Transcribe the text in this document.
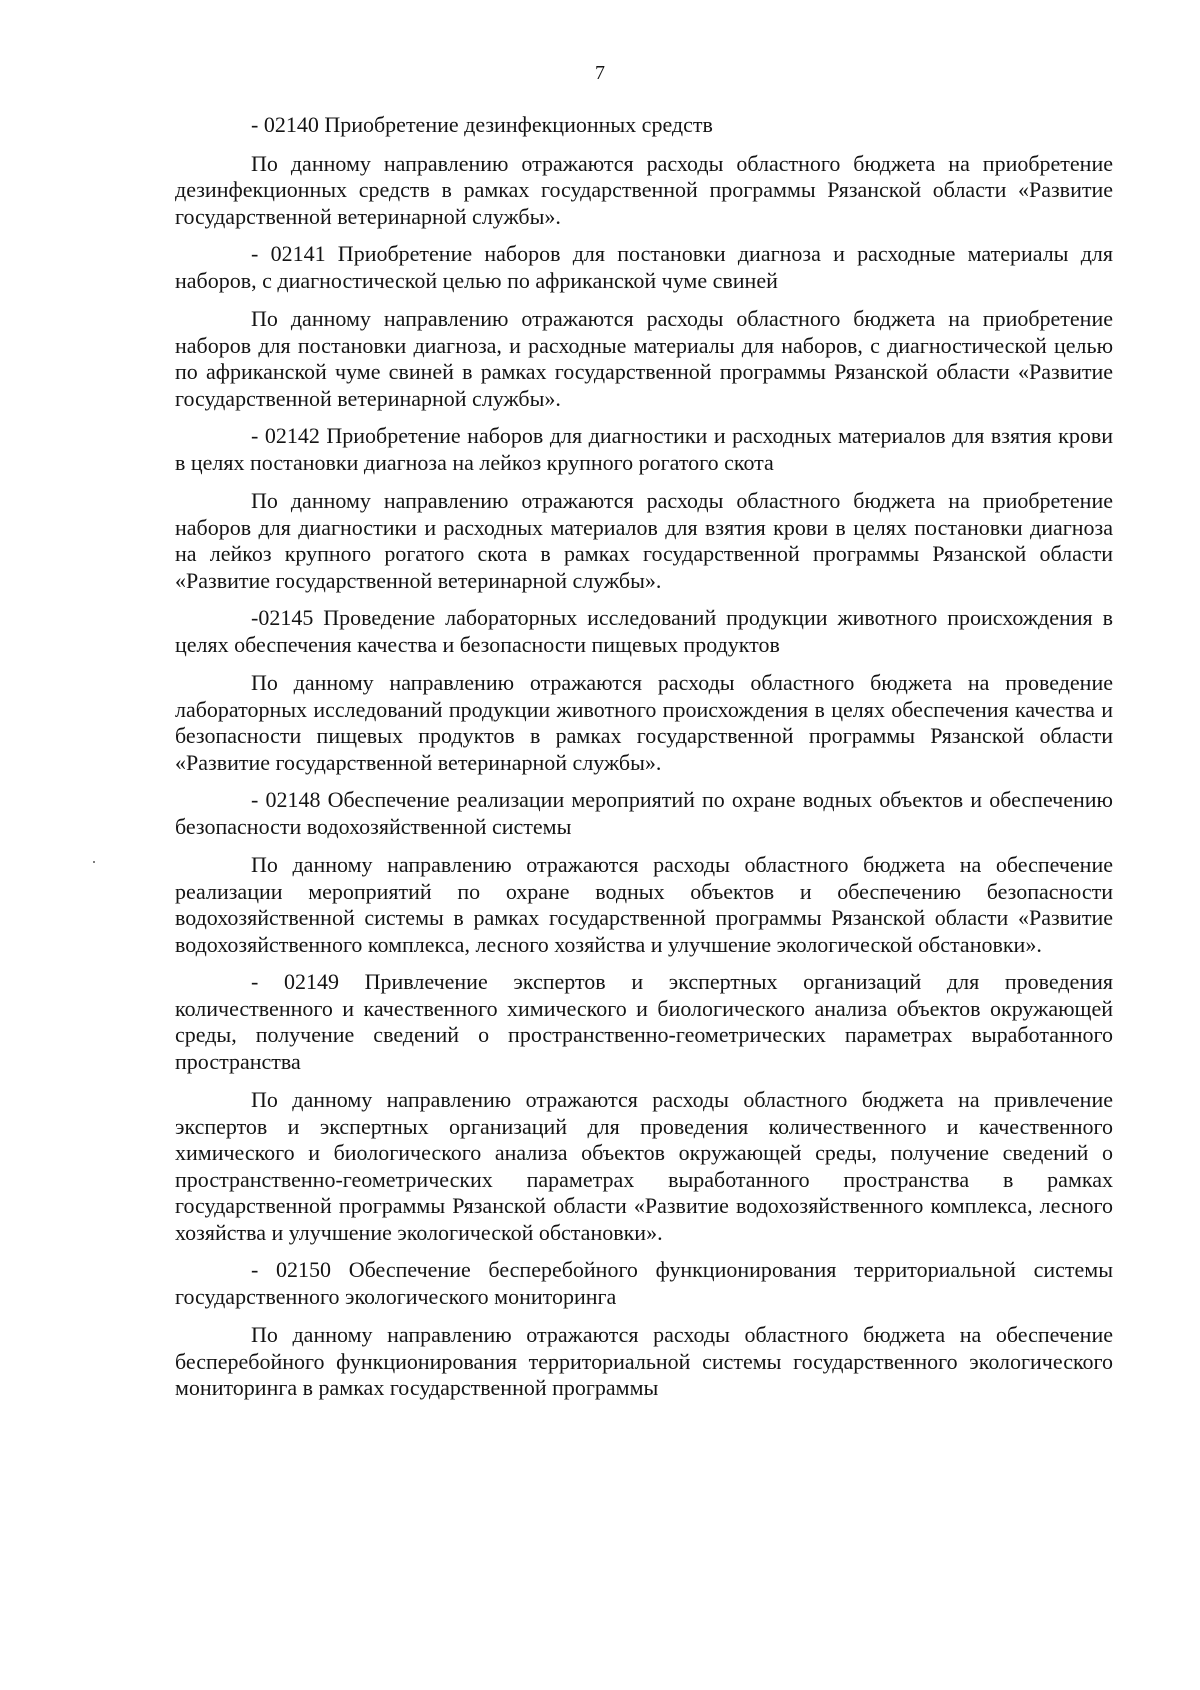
7

- 02140 Приобретение дезинфекционных средств

По данному направлению отражаются расходы областного бюджета на приобретение дезинфекционных средств в рамках государственной программы Рязанской области «Развитие государственной ветеринарной службы».

- 02141 Приобретение наборов для постановки диагноза и расходные материалы для наборов, с диагностической целью по африканской чуме свиней

По данному направлению отражаются расходы областного бюджета на приобретение наборов для постановки диагноза, и расходные материалы для наборов, с диагностической целью по африканской чуме свиней в рамках государственной программы Рязанской области «Развитие государственной ветеринарной службы».

- 02142 Приобретение наборов для диагностики и расходных материалов для взятия крови в целях постановки диагноза на лейкоз крупного рогатого скота

По данному направлению отражаются расходы областного бюджета на приобретение наборов для диагностики и расходных материалов для взятия крови в целях постановки диагноза на лейкоз крупного рогатого скота в рамках государственной программы Рязанской области «Развитие государственной ветеринарной службы».

-02145 Проведение лабораторных исследований продукции животного происхождения в целях обеспечения качества и безопасности пищевых продуктов

По данному направлению отражаются расходы областного бюджета на проведение лабораторных исследований продукции животного происхождения в целях обеспечения качества и безопасности пищевых продуктов в рамках государственной программы Рязанской области «Развитие государственной ветеринарной службы».

- 02148 Обеспечение реализации мероприятий по охране водных объектов и обеспечению безопасности водохозяйственной системы

По данному направлению отражаются расходы областного бюджета на обеспечение реализации мероприятий по охране водных объектов и обеспечению безопасности водохозяйственной системы в рамках государственной программы Рязанской области «Развитие водохозяйственного комплекса, лесного хозяйства и улучшение экологической обстановки».

- 02149 Привлечение экспертов и экспертных организаций для проведения количественного и качественного химического и биологического анализа объектов окружающей среды, получение сведений о пространственно-геометрических параметрах выработанного пространства

По данному направлению отражаются расходы областного бюджета на привлечение экспертов и экспертных организаций для проведения количественного и качественного химического и биологического анализа объектов окружающей среды, получение сведений о пространственно-геометрических параметрах выработанного пространства в рамках государственной программы Рязанской области «Развитие водохозяйственного комплекса, лесного хозяйства и улучшение экологической обстановки».

- 02150 Обеспечение бесперебойного функционирования территориальной системы государственного экологического мониторинга

По данному направлению отражаются расходы областного бюджета на обеспечение бесперебойного функционирования территориальной системы государственного экологического мониторинга в рамках государственной программы
